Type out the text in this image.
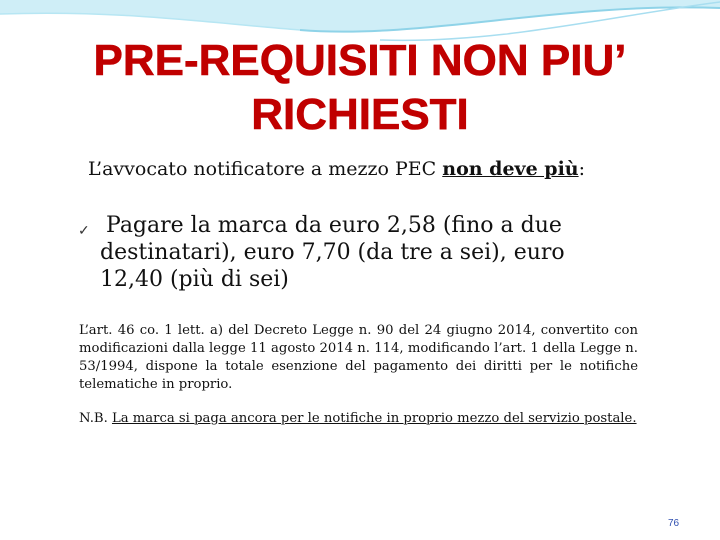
PRE-REQUISITI NON PIU’
RICHIESTI
L’avvocato notificatore a mezzo PEC non deve più:
✓ Pagare la marca da euro 2,58 (fino a due destinatari), euro 7,70 (da tre a sei), euro 12,40 (più di sei)
L’art. 46 co. 1 lett. a) del Decreto Legge n. 90 del 24 giugno 2014, convertito con modificazioni dalla legge 11 agosto 2014 n. 114, modificando l’art. 1 della Legge n. 53/1994, dispone la totale esenzione del pagamento dei diritti per le notifiche telematiche in proprio.
N.B. La marca si paga ancora per le notifiche in proprio mezzo del servizio postale.
76
